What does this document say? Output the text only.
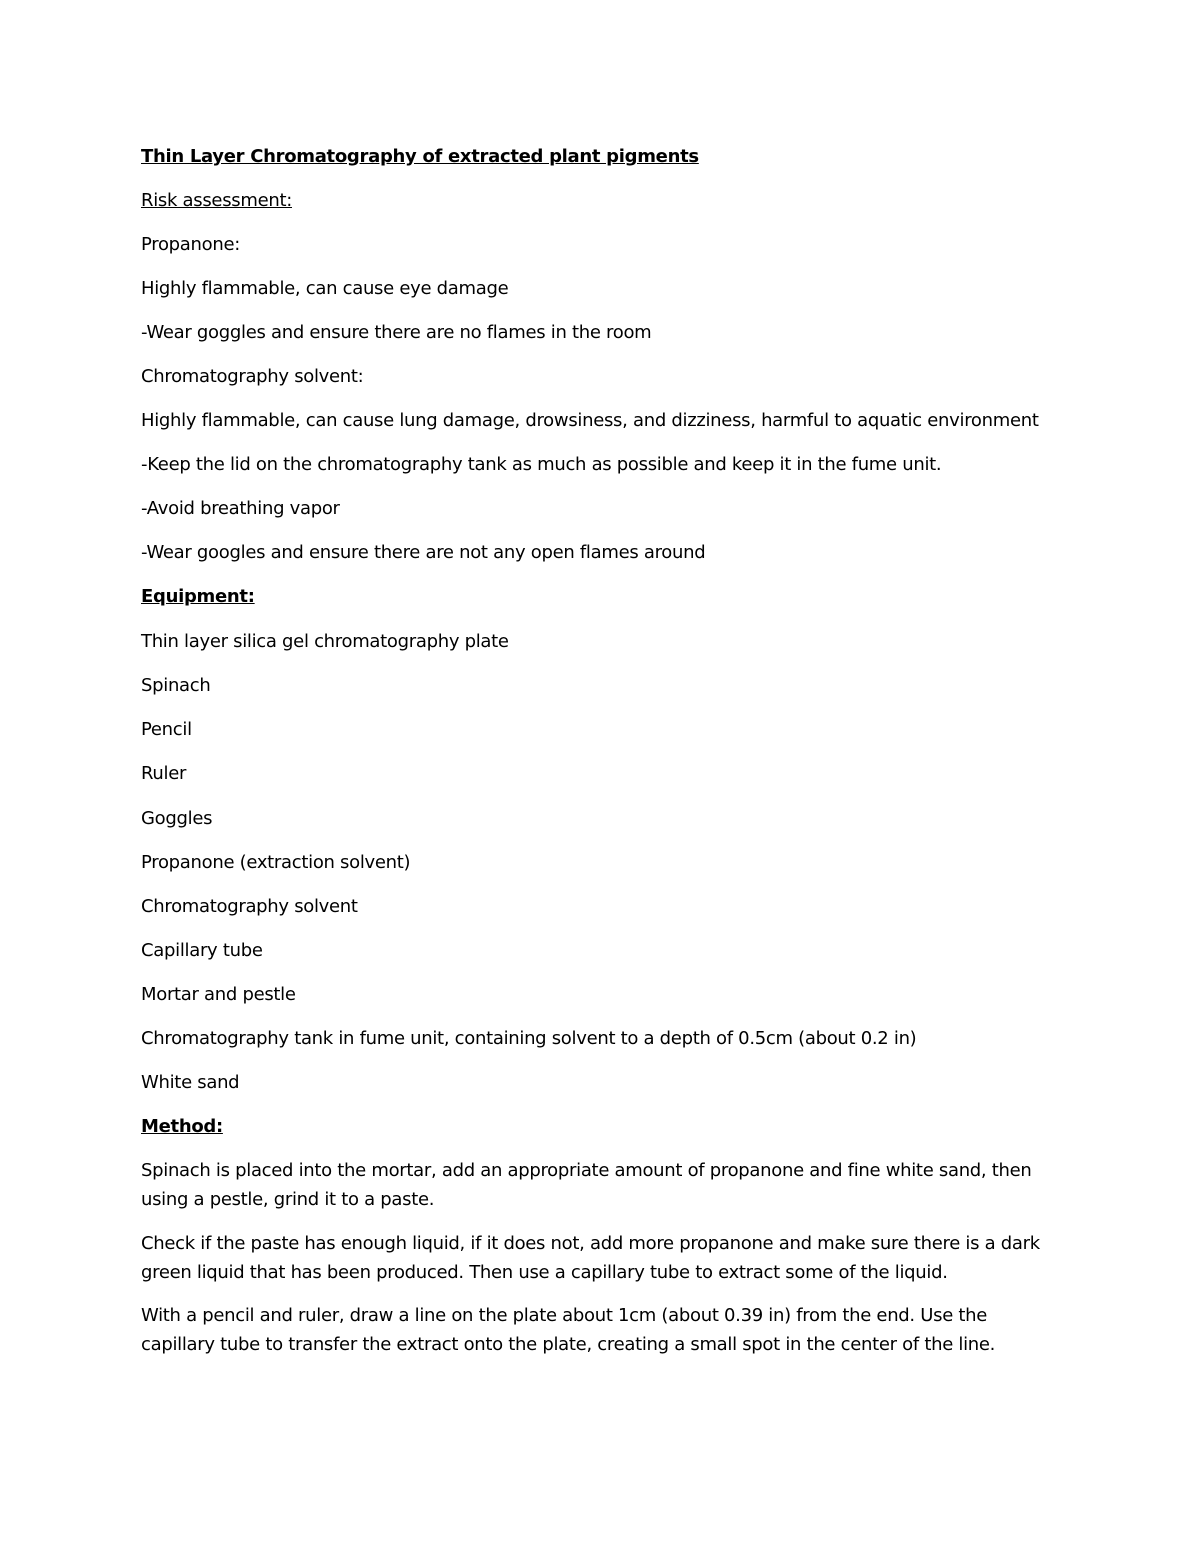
Thin Layer Chromatography of extracted plant pigments
Risk assessment:
Propanone:
Highly flammable, can cause eye damage
-Wear goggles and ensure there are no flames in the room
Chromatography solvent:
Highly flammable, can cause lung damage, drowsiness, and dizziness, harmful to aquatic environment
-Keep the lid on the chromatography tank as much as possible and keep it in the fume unit.
-Avoid breathing vapor
-Wear googles and ensure there are not any open flames around
Equipment:
Thin layer silica gel chromatography plate
Spinach
Pencil
Ruler
Goggles
Propanone (extraction solvent)
Chromatography solvent
Capillary tube
Mortar and pestle
Chromatography tank in fume unit, containing solvent to a depth of 0.5cm (about 0.2 in)
White sand
Method:
Spinach is placed into the mortar, add an appropriate amount of propanone and fine white sand, then
using a pestle, grind it to a paste.
Check if the paste has enough liquid, if it does not, add more propanone and make sure there is a dark
green liquid that has been produced. Then use a capillary tube to extract some of the liquid.
With a pencil and ruler, draw a line on the plate about 1cm (about 0.39 in) from the end. Use the
capillary tube to transfer the extract onto the plate, creating a small spot in the center of the line.
